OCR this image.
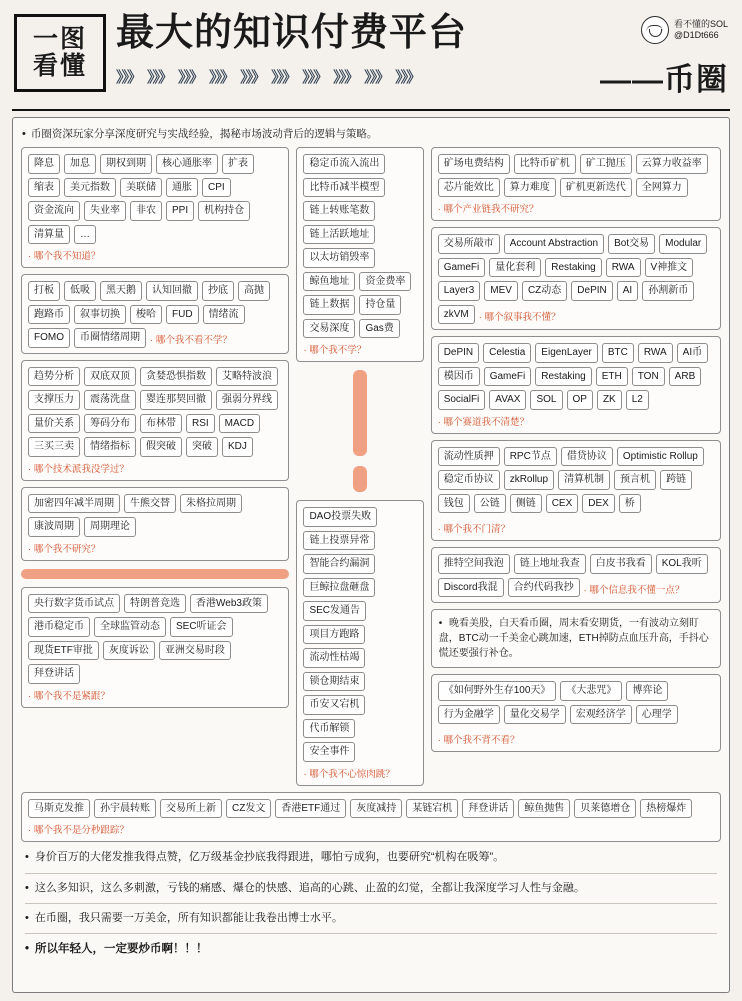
一图
看懂
最大的知识付费平台
》》》 》》》 》》》 》》》 》》》 》》》 》》》 》》》 》》》 》》》
看不懂的SOL
@D1Dt666
——币圈
• 币圈资深玩家分享深度研究与实战经验，揭秘市场波动背后的逻辑与策略。
降息	加息	期权到期	核心通胀率	扩表
缩表	美元指数	美联储	通胀	CPI
资金流向	失业率	非农	PPI	机构持仓
清算量	…
· 哪个我不知道？
打板	低吸	黑天鹅	认知回撤	抄底	高抛
跑路币	叙事切换	梭哈	FUD	情绪流
FOMO	币圈情绪周期	· 哪个我不看不学？
趋势分析	双底双顶	贪婪恐惧指数	艾略特波浪
支撑压力	震荡洗盘	婴连那契回撤	强弱分界线
量价关系	筹码分布	布林带	RSI	MACD
三买三卖	情绪指标	假突破	突破	KDJ
· 哪个技术派我没学过？
加密四年减半周期	牛熊交替	朱格拉周期
康波周期	周期理论
· 哪个我不研究？
央行数字货币试点	特朗普竞选	香港Web3政策
港币稳定币	全球监管动态	SEC听证会
现货ETF审批	灰度诉讼	亚洲交易时段
拜登讲话
· 哪个我不是紧跟？
稳定币流入流出
比特币减半模型
链上转账笔数
链上活跃地址
以太坊销毁率
鲸鱼地址	资金费率
链上数据	持仓量
交易深度	Gas费
· 哪个我不学？
DAO投票失败
链上投票异常
智能合约漏洞
巨鲸拉盘砸盘
SEC发通告
项目方跑路
流动性枯竭
锁仓期结束
币安又宕机
代币解锁
安全事件
· 哪个我不心惊肉跳？
矿场电费结构	比特币矿机	矿工抛压	云算力收益率
芯片能效比	算力难度	矿机更新迭代	全网算力
· 哪个产业链我不研究？
交易所敲市	Account Abstraction	Bot交易	Modular
GameFi	量化套利	Restaking	RWA	V神推文
Layer3	MEV	CZ动态	DePIN	AI	孙割新币
zkVM	· 哪个叙事我不懂？
DePIN	Celestia	EigenLayer	BTC	RWA	AI币
模因币	GameFi	Restaking	ETH	TON	ARB
SocialFi	AVAX	SOL	OP	ZK	L2
· 哪个赛道我不清楚？
流动性质押	RPC节点	借贷协议	Optimistic Rollup
稳定币协议	zkRollup	清算机制	预言机	跨链
钱包	公链	侧链	CEX	DEX	桥
· 哪个我不门清？
推特空间我泡	链上地址我查	白皮书我看	KOL我听
Discord我混	合约代码我抄	· 哪个信息我不懂一点？
• 晚看美股，白天看币圈，周末看安期货，一有波动立刻盯盘，BTC动一千美金心跳加速，ETH掉防点血压升高，手抖心慌还要强行补仓。
《如何野外生存100天》	《大悲咒》	博弈论
行为金融学	量化交易学	宏观经济学	心理学
· 哪个我不背不看？
马斯克发推	孙宇晨转账	交易所上新	CZ发文	香港ETF通过	灰度减持	某链宕机	拜登讲话	鲸鱼抛售	贝莱德增仓	热榜爆炸
· 哪个我不是分秒跟踪？
• 身价百万的大佬发推我得点赞，亿万级基金抄底我得跟进，哪怕亏成狗，也要研究“机构在吸筹”。
• 这么多知识，这么多刺激，亏钱的痛感、爆仓的快感、追高的心跳、止盈的幻觉，全都让我深度学习人性与金融。
• 在币圈，我只需要一万美金，所有知识都能让我卷出博士水平。
• 所以年轻人，一定要炒币啊！！！
